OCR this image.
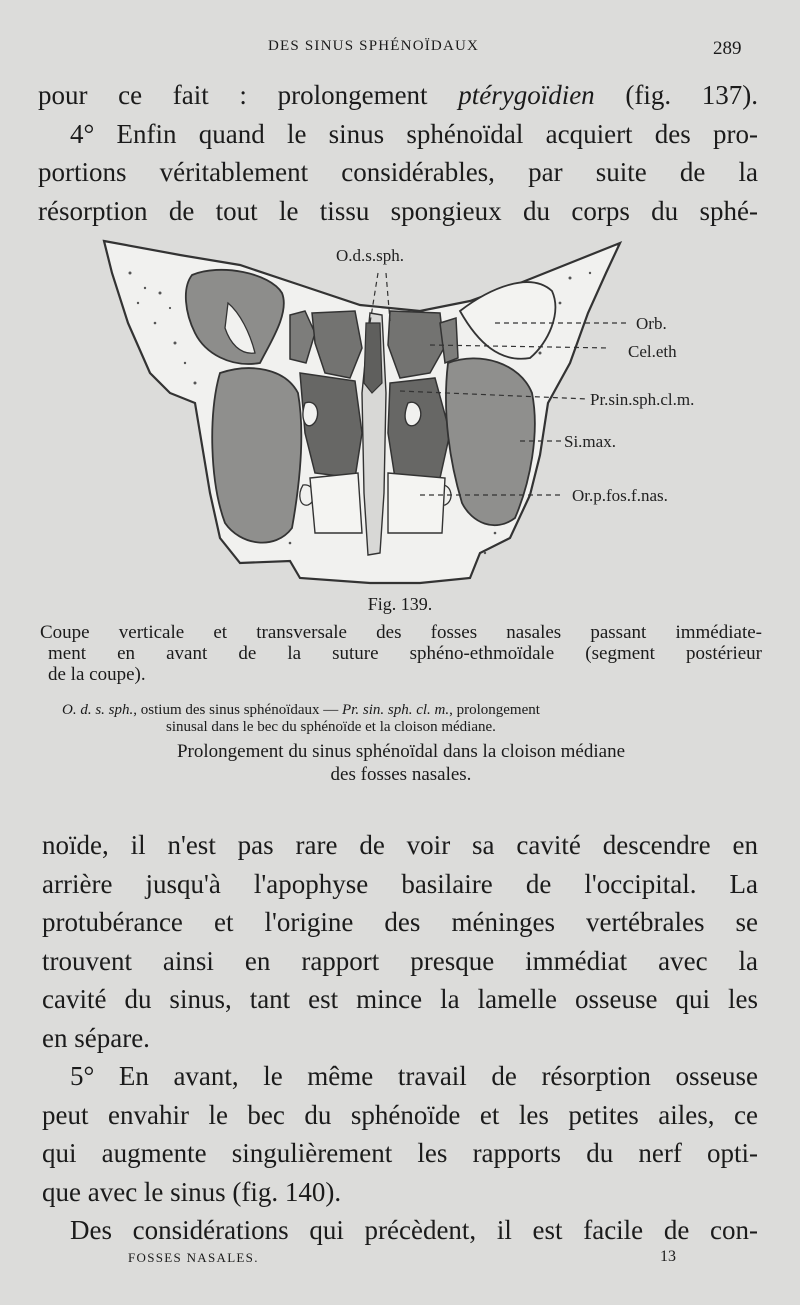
DES SINUS SPHÉNOÏDAUX	289
pour ce fait : prolongement ptérygoïdien (fig. 137).
4° Enfin quand le sinus sphénoïdal acquiert des pro-
portions véritablement considérables, par suite de la
résorption de tout le tissu spongieux du corps du sphé-
O.d.s.sph.
Orb.
Cel.eth
Pr.sin.sph.cl.m.
Si.max.
Or.p.fos.f.nas.
Fig. 139.
Coupe verticale et transversale des fosses nasales passant immédiate-
ment en avant de la suture sphéno-ethmoïdale (segment postérieur
de la coupe).
O. d. s. sph., ostium des sinus sphénoïdaux — Pr. sin. sph. cl. m., prolongement
sinusal dans le bec du sphénoïde et la cloison médiane.
Prolongement du sinus sphénoïdal dans la cloison médiane
des fosses nasales.
noïde, il n'est pas rare de voir sa cavité descendre en
arrière jusqu'à l'apophyse basilaire de l'occipital. La
protubérance et l'origine des méninges vertébrales se
trouvent ainsi en rapport presque immédiat avec la
cavité du sinus, tant est mince la lamelle osseuse qui les
en sépare.
5° En avant, le même travail de résorption osseuse
peut envahir le bec du sphénoïde et les petites ailes, ce
qui augmente singulièrement les rapports du nerf opti-
que avec le sinus (fig. 140).
Des considérations qui précèdent, il est facile de con-
FOSSES NASALES.	13
